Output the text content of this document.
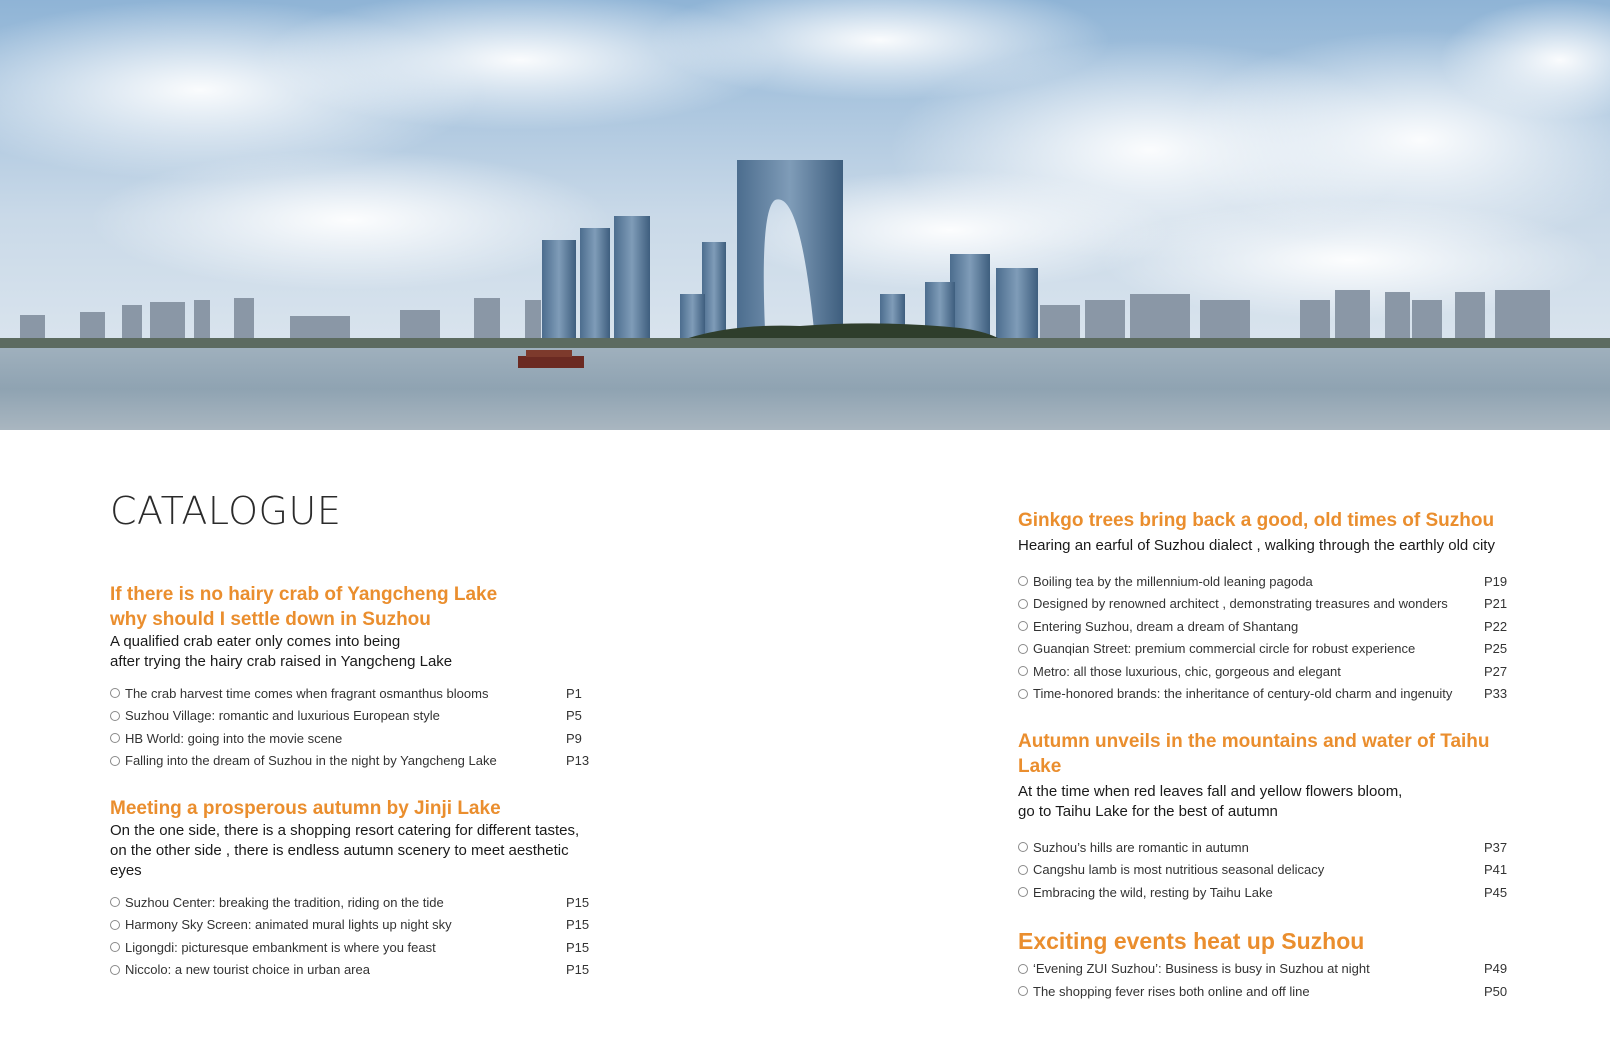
CATALOGUE
If there is no hairy crab of Yangcheng Lake
why should I settle down in Suzhou

A qualified crab eater only comes into being
after trying the hairy crab raised in Yangcheng Lake

The crab harvest time comes when fragrant osmanthus blooms	P1
Suzhou Village: romantic and luxurious European style	P5
HB World: going into the movie scene	P9
Falling into the dream of Suzhou in the night by Yangcheng Lake	P13
Meeting a prosperous autumn by Jinji Lake

On the one side, there is a shopping resort catering for different tastes,
on the other side , there is endless autumn scenery to meet aesthetic eyes

Suzhou Center: breaking the tradition, riding on the tide	P15
Harmony Sky Screen: animated mural lights up night sky	P15
Ligongdi: picturesque embankment is where you feast	P15
Niccolo: a new tourist choice in urban area	P15
Ginkgo trees bring back a good, old times of Suzhou

Hearing an earful of Suzhou dialect , walking through the earthly old city

Boiling tea by the millennium-old leaning pagoda	P19
Designed by renowned architect , demonstrating treasures and wonders	P21
Entering Suzhou, dream a dream of Shantang	P22
Guanqian Street: premium commercial circle for robust experience	P25
Metro: all those luxurious, chic, gorgeous and elegant	P27
Time-honored brands: the inheritance of century-old charm and ingenuity	P33
Autumn unveils in the mountains and water of Taihu Lake

At the time when red leaves fall and yellow flowers bloom,
go to Taihu Lake for the best of autumn

Suzhou’s hills are romantic in autumn	P37
Cangshu lamb is most nutritious seasonal delicacy	P41
Embracing the wild, resting by Taihu Lake	P45
Exciting events heat up Suzhou
‘Evening ZUI Suzhou’: Business is busy in Suzhou at night	P49
The shopping fever rises both online and off line	P50
